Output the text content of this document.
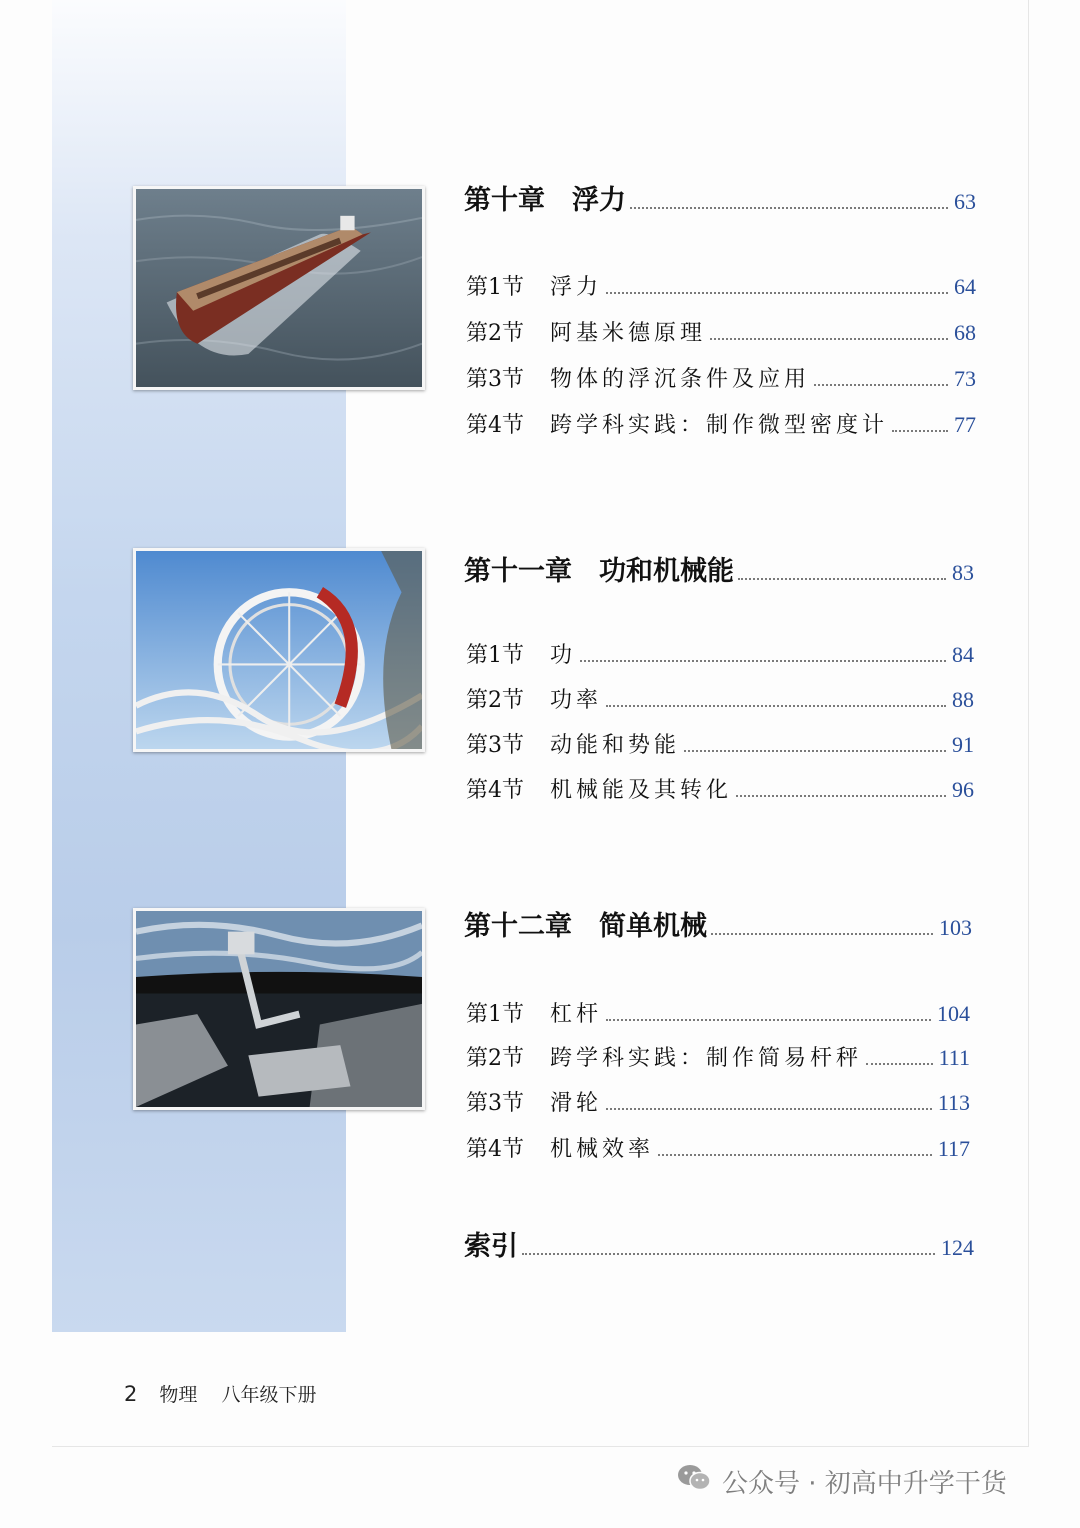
第十章　浮力	63
第1节	浮力	64
第2节	阿基米德原理	68
第3节	物体的浮沉条件及应用	73
第4节	跨学科实践：制作微型密度计	77
第十一章　功和机械能	83
第1节	功	84
第2节	功率	88
第3节	动能和势能	91
第4节	机械能及其转化	96
第十二章　简单机械	103
第1节	杠杆	104
第2节	跨学科实践：制作简易杆秤	111
第3节	滑轮	113
第4节	机械效率	117
索引	124
2 物理 八年级下册
公众号 · 初高中升学干货
